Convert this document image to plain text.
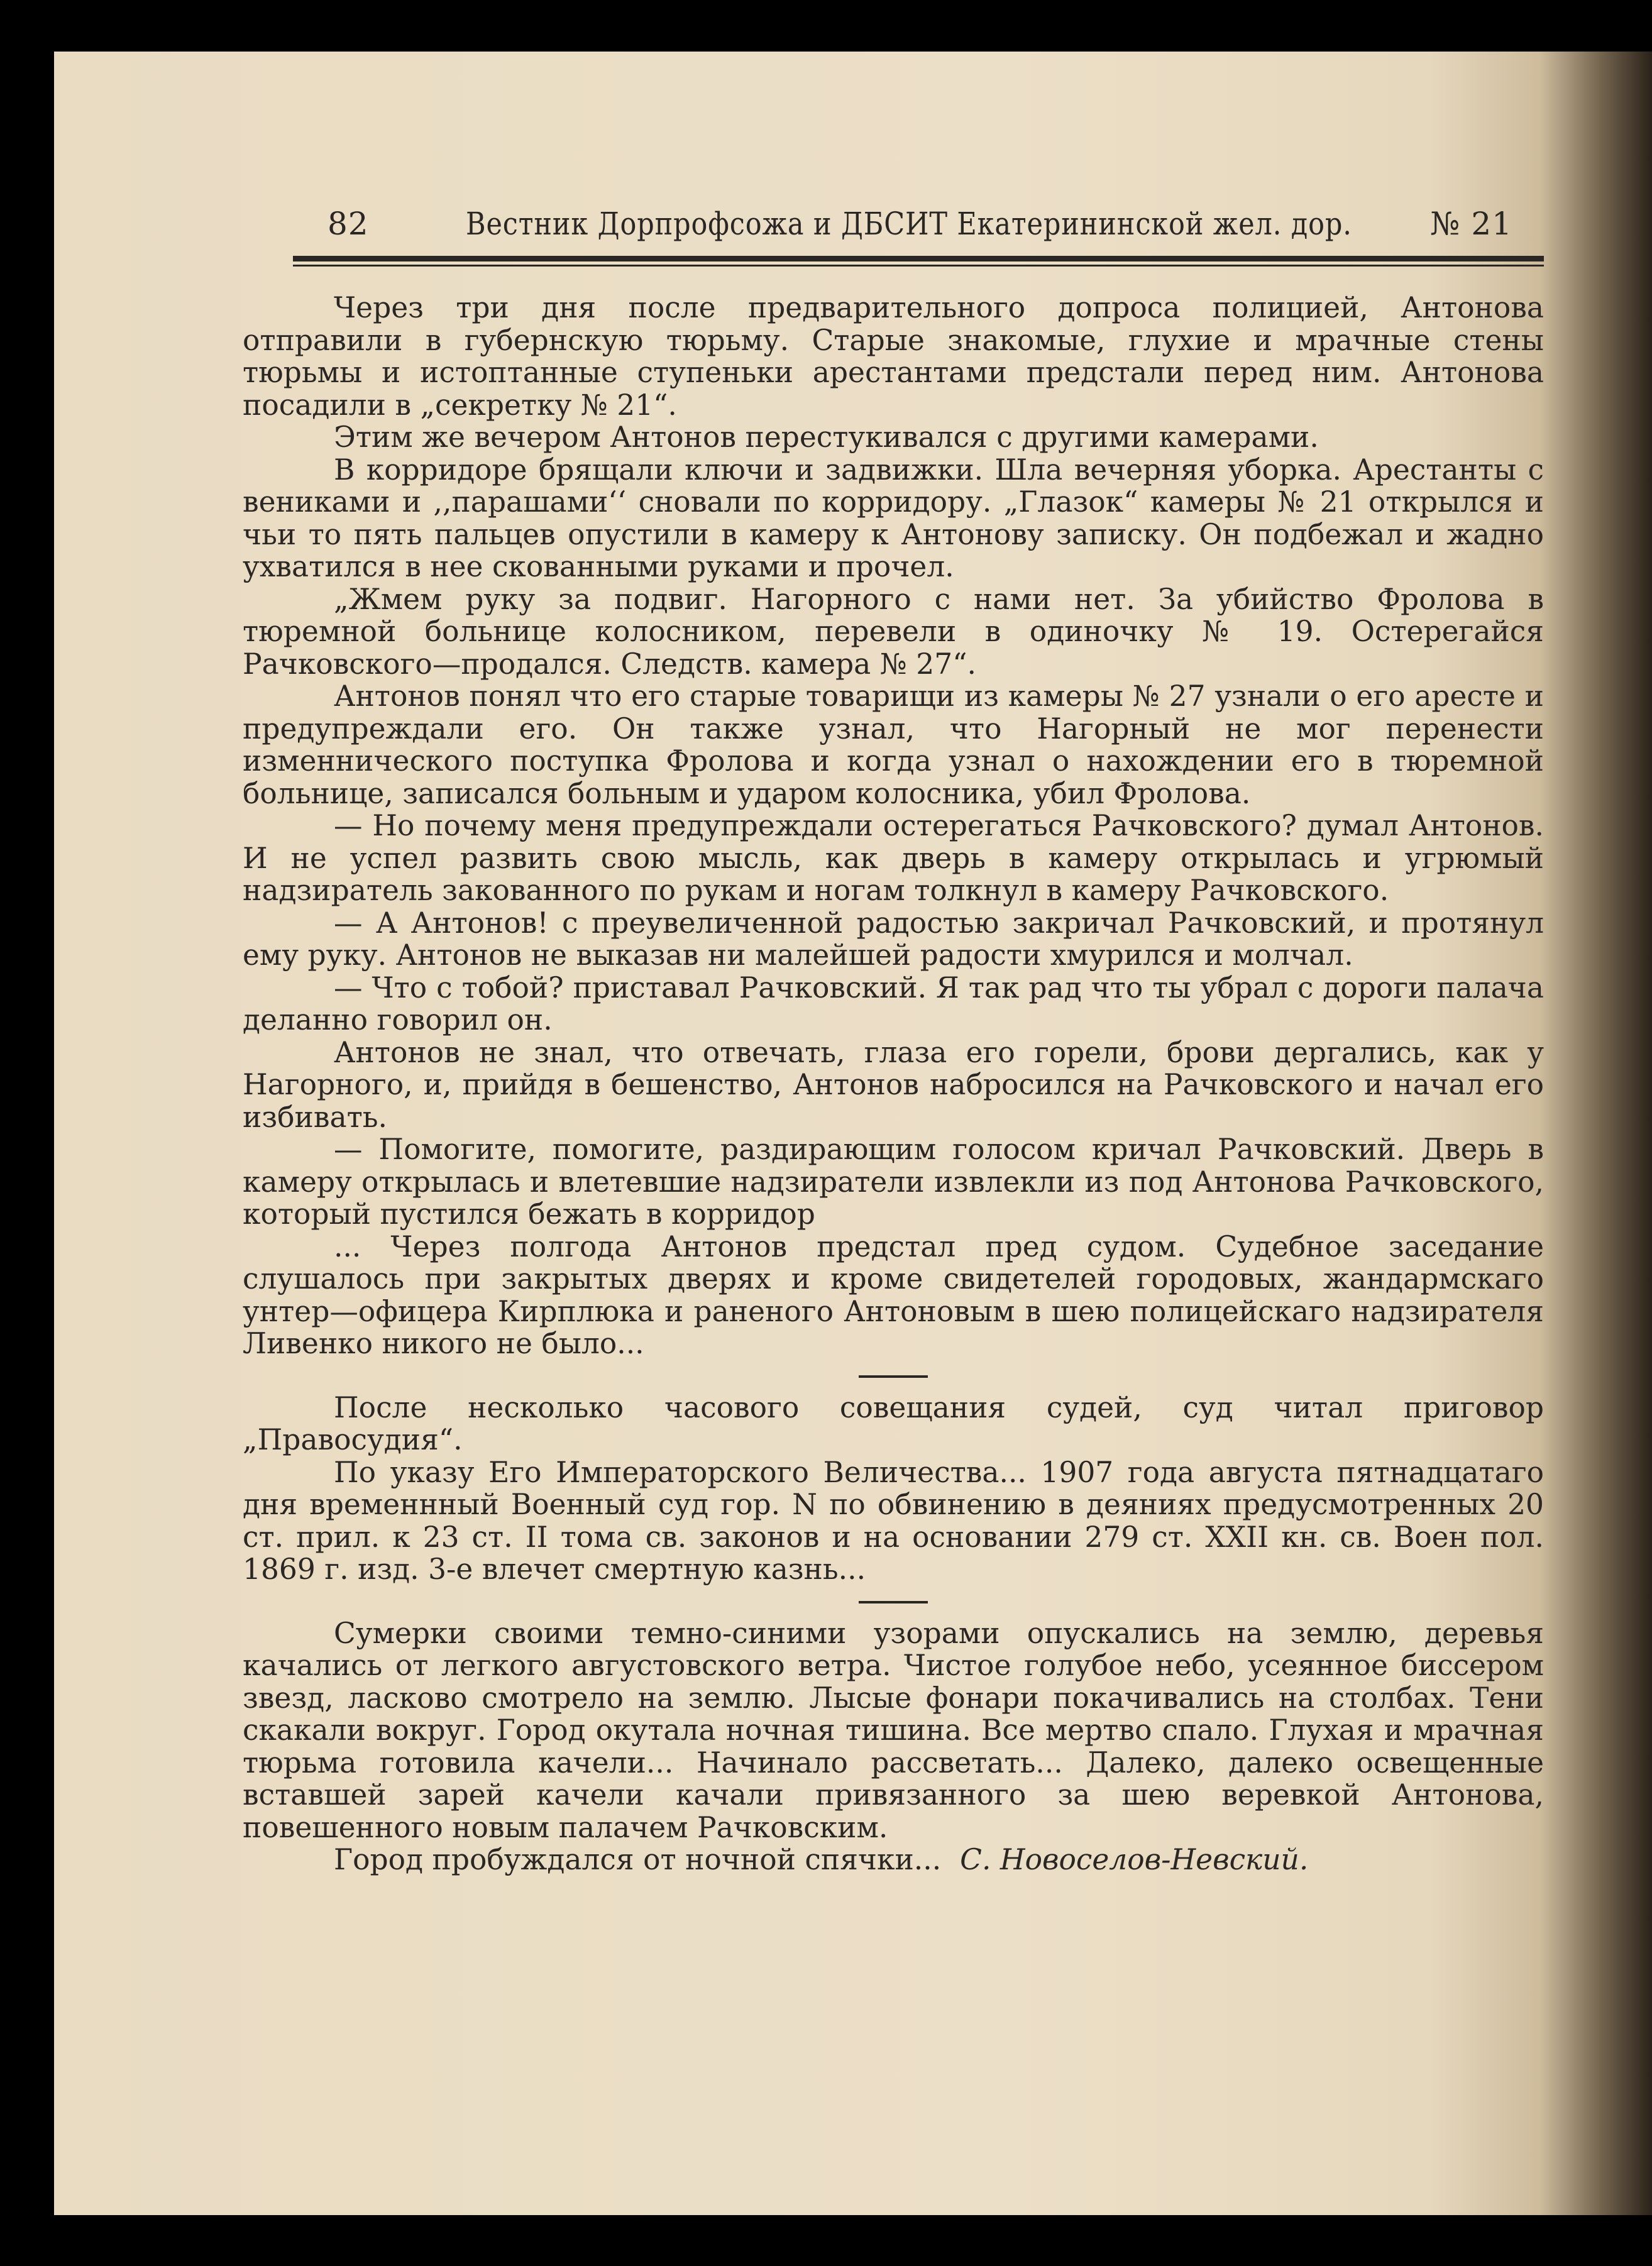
82	Вестник Дорпрофсожа и ДБСИТ Екатерининской жел. дор. № 21

Через три дня после предварительного допроса полицией, Антонова отправили в губернскую тюрьму. Старые знакомые, глухие и мрачные стены тюрьмы и истоптанные ступеньки арестантами предстали перед ним. Антонова посадили в „секретку № 21“.

Этим же вечером Антонов перестукивался с другими камерами.

В корридоре брящали ключи и задвижки. Шла вечерняя уборка. Арестанты с вениками и ,,парашами‘‘ сновали по корридору. „Глазок“ камеры № 21 открылся и чьи то пять пальцев опустили в камеру к Антонову записку. Он подбежал и жадно ухватился в нее скованными руками и прочел.

„Жмем руку за подвиг. Нагорного с нами нет. За убийство Фролова в тюремной больнице колосником, перевели в одиночку № 19. Остерегайся Рачковского—продался. Следств. камера № 27“.

Антонов понял что его старые товарищи из камеры № 27 узнали о его аресте и предупреждали его. Он также узнал, что Нагорный не мог перенести изменнического поступка Фролова и когда узнал о нахождении его в тюремной больнице, записался больным и ударом колосника, убил Фролова.

— Но почему меня предупреждали остерегаться Рачковского? думал Антонов. И не успел развить свою мысль, как дверь в камеру открылась и угрюмый надзиратель закованного по рукам и ногам толкнул в камеру Рачковского.

— А Антонов! с преувеличенной радостью закричал Рачковский, и протянул ему руку. Антонов не выказав ни малейшей радости хмурился и молчал.

— Что с тобой? приставал Рачковский. Я так рад что ты убрал с дороги палача деланно говорил он.

Антонов не знал, что отвечать, глаза его горели, брови дергались, как у Нагорного, и, прийдя в бешенство, Антонов набросился на Рачковского и начал его избивать.

— Помогите, помогите, раздирающим голосом кричал Рачковский. Дверь в камеру открылась и влетевшие надзиратели извлекли из под Антонова Рачковского, который пустился бежать в корридор

... Через полгода Антонов предстал пред судом. Судебное заседание слушалось при закрытых дверях и кроме свидетелей городовых, жандармскаго унтер—офицера Кирплюка и раненого Антоновым в шею полицейскаго надзирателя Ливенко никого не было...

После несколько часового совещания судей, суд читал приговор „Правосудия“.

По указу Его Императорского Величества... 1907 года августа пятнадцатаго дня временнный Военный суд гор. N по обвинению в деяниях предусмотренных 20 ст. прил. к 23 ст. II тома св. законов и на основании 279 ст. XXII кн. св. Воен пол. 1869 г. изд. 3-е влечет смертную казнь...

Сумерки своими темно-синими узорами опускались на землю, деревья качались от легкого августовского ветра. Чистое голубое небо, усеянное биссером звезд, ласково смотрело на землю. Лысые фонари покачивались на столбах. Тени скакали вокруг. Город окутала ночная тишина. Все мертво спало. Глухая и мрачная тюрьма готовила качели... Начинало рассветать... Далеко, далеко освещенные вставшей зарей качели качали привязанного за шею веревкой Антонова, повешенного новым палачем Рачковским.

Город пробуждался от ночной спячки... С. Новоселов-Невский.
